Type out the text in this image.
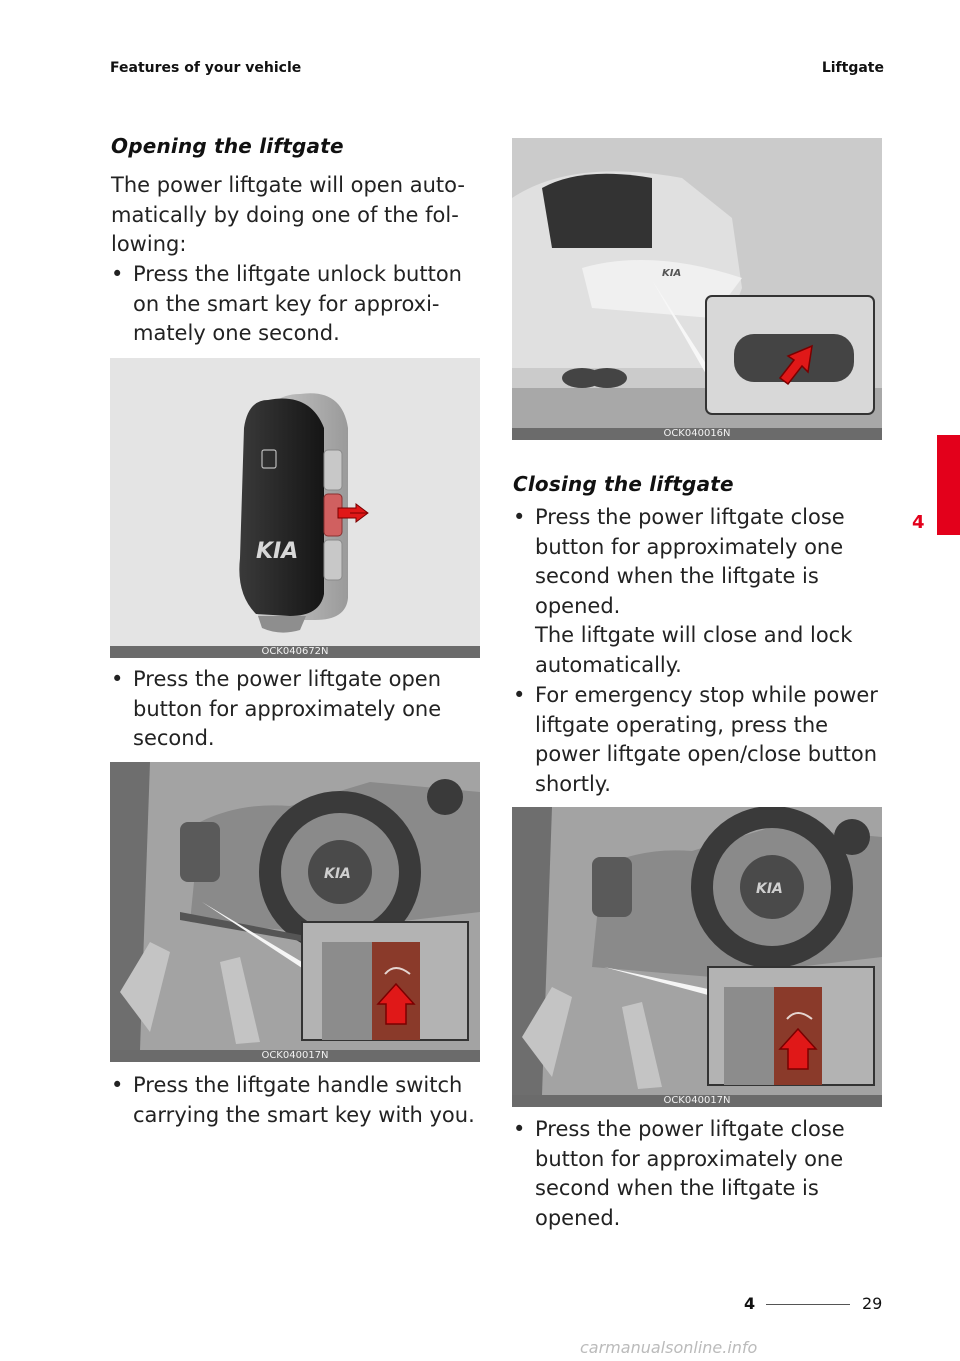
Features of your vehicle	Liftgate
4
Opening the liftgate
The power liftgate will open auto-
matically by doing one of the fol-
lowing:
• Press the liftgate unlock button
on the smart key for approxi-
mately one second.
KIA
OCK040672N
• Press the power liftgate open
button for approximately one
second.
KIA
OCK040017N
• Press the liftgate handle switch
carrying the smart key with you.
KIA
OCK040016N
Closing the liftgate
• Press the power liftgate close
button for approximately one
second when the liftgate is
opened.
The liftgate will close and lock
automatically.
• For emergency stop while power
liftgate operating, press the
power liftgate open/close button
shortly.
KIA
OCK040017N
• Press the power liftgate close
button for approximately one
second when the liftgate is
opened.
4	29
carmanualsonline.info
